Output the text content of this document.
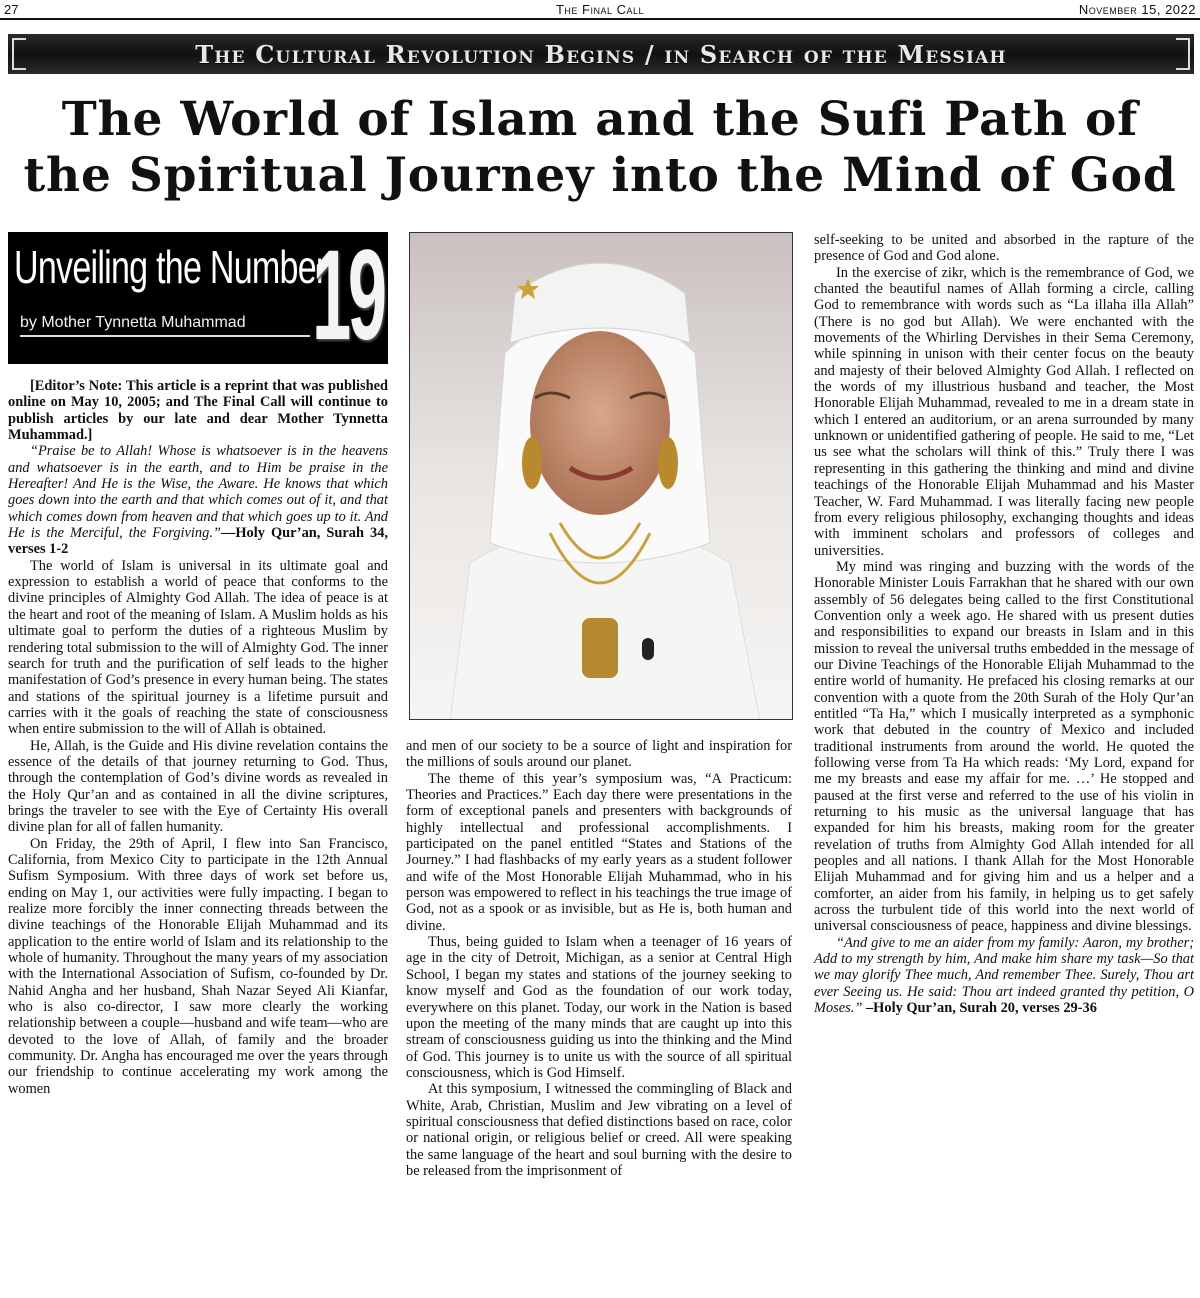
27	The Final Call	November 15, 2022
The Cultural Revolution Begins / in Search of the Messiah
The World of Islam and the Sufi Path of
the Spiritual Journey into the Mind of God
Unveiling the Number
by Mother Tynnetta Muhammad 19

[Editor’s Note: This article is a reprint that was published online on May 10, 2005; and The Final Call will continue to publish articles by our late and dear Mother Tynnetta Muhammad.]

“Praise be to Allah! Whose is whatsoever is in the heavens and whatsoever is in the earth, and to Him be praise in the Hereafter! And He is the Wise, the Aware. He knows that which goes down into the earth and that which comes out of it, and that which comes down from heaven and that which goes up to it. And He is the Merciful, the Forgiving.”—Holy Qur’an, Surah 34, verses 1-2

The world of Islam is universal in its ultimate goal and expression to establish a world of peace that conforms to the divine principles of Almighty God Allah. The idea of peace is at the heart and root of the meaning of Islam. A Muslim holds as his ultimate goal to perform the duties of a righteous Muslim by rendering total submission to the will of Almighty God. The inner search for truth and the purification of self leads to the higher manifestation of God’s presence in every human being. The states and stations of the spiritual journey is a lifetime pursuit and carries with it the goals of reaching the state of consciousness when entire submission to the will of Allah is obtained.

He, Allah, is the Guide and His divine revelation contains the essence of the details of that journey returning to God. Thus, through the contemplation of God’s divine words as revealed in the Holy Qur’an and as contained in all the divine scriptures, brings the traveler to see with the Eye of Certainty His overall divine plan for all of fallen humanity.

On Friday, the 29th of April, I flew into San Francisco, California, from Mexico City to participate in the 12th Annual Sufism Symposium. With three days of work set before us, ending on May 1, our activities were fully impacting. I began to realize more forcibly the inner connecting threads between the divine teachings of the Honorable Elijah Muhammad and its application to the entire world of Islam and its relationship to the whole of humanity. Throughout the many years of my association with the International Association of Sufism, co-founded by Dr. Nahid Angha and her husband, Shah Nazar Seyed Ali Kianfar, who is also co-director, I saw more clearly the working relationship between a couple—husband and wife team—who are devoted to the love of Allah, of family and the broader community. Dr. Angha has encouraged me over the years through our friendship to continue accelerating my work among the women

and men of our society to be a source of light and inspiration for the millions of souls around our planet.

The theme of this year’s symposium was, “A Practicum: Theories and Practices.” Each day there were presentations in the form of exceptional panels and presenters with backgrounds of highly intellectual and professional accomplishments. I participated on the panel entitled “States and Stations of the Journey.” I had flashbacks of my early years as a student follower and wife of the Most Honorable Elijah Muhammad, who in his person was empowered to reflect in his teachings the true image of God, not as a spook or as invisible, but as He is, both human and divine.

Thus, being guided to Islam when a teenager of 16 years of age in the city of Detroit, Michigan, as a senior at Central High School, I began my states and stations of the journey seeking to know myself and God as the foundation of our work today, everywhere on this planet. Today, our work in the Nation is based upon the meeting of the many minds that are caught up into this stream of consciousness guiding us into the thinking and the Mind of God. This journey is to unite us with the source of all spiritual consciousness, which is God Himself.

At this symposium, I witnessed the commingling of Black and White, Arab, Christian, Muslim and Jew vibrating on a level of spiritual consciousness that defied distinctions based on race, color or national origin, or religious belief or creed. All were speaking the same language of the heart and soul burning with the desire to be released from the imprisonment of

self-seeking to be united and absorbed in the rapture of the presence of God and God alone.

In the exercise of zikr, which is the remembrance of God, we chanted the beautiful names of Allah forming a circle, calling God to remembrance with words such as “La illaha illa Allah” (There is no god but Allah). We were enchanted with the movements of the Whirling Dervishes in their Sema Ceremony, while spinning in unison with their center focus on the beauty and majesty of their beloved Almighty God Allah. I reflected on the words of my illustrious husband and teacher, the Most Honorable Elijah Muhammad, revealed to me in a dream state in which I entered an auditorium, or an arena surrounded by many unknown or unidentified gathering of people. He said to me, “Let us see what the scholars will think of this.” Truly there I was representing in this gathering the thinking and mind and divine teachings of the Honorable Elijah Muhammad and his Master Teacher, W. Fard Muhammad. I was literally facing new people from every religious philosophy, exchanging thoughts and ideas with imminent scholars and professors of colleges and universities.

My mind was ringing and buzzing with the words of the Honorable Minister Louis Farrakhan that he shared with our own assembly of 56 delegates being called to the first Constitutional Convention only a week ago. He shared with us present duties and responsibilities to expand our breasts in Islam and in this mission to reveal the universal truths embedded in the message of our Divine Teachings of the Honorable Elijah Muhammad to the entire world of humanity. He prefaced his closing remarks at our convention with a quote from the 20th Surah of the Holy Qur’an entitled “Ta Ha,” which I musically interpreted as a symphonic work that debuted in the country of Mexico and included traditional instruments from around the world. He quoted the following verse from Ta Ha which reads: ‘My Lord, expand for me my breasts and ease my affair for me. …’ He stopped and paused at the first verse and referred to the use of his violin in returning to his music as the universal language that has expanded for him his breasts, making room for the greater revelation of truths from Almighty God Allah intended for all peoples and all nations. I thank Allah for the Most Honorable Elijah Muhammad and for giving him and us a helper and a comforter, an aider from his family, in helping us to get safely across the turbulent tide of this world into the next world of universal consciousness of peace, happiness and divine blessings.

“And give to me an aider from my family: Aaron, my brother; Add to my strength by him, And make him share my task—So that we may glorify Thee much, And remember Thee. Surely, Thou art ever Seeing us. He said: Thou art indeed granted thy petition, O Moses.” –Holy Qur’an, Surah 20, verses 29-36
